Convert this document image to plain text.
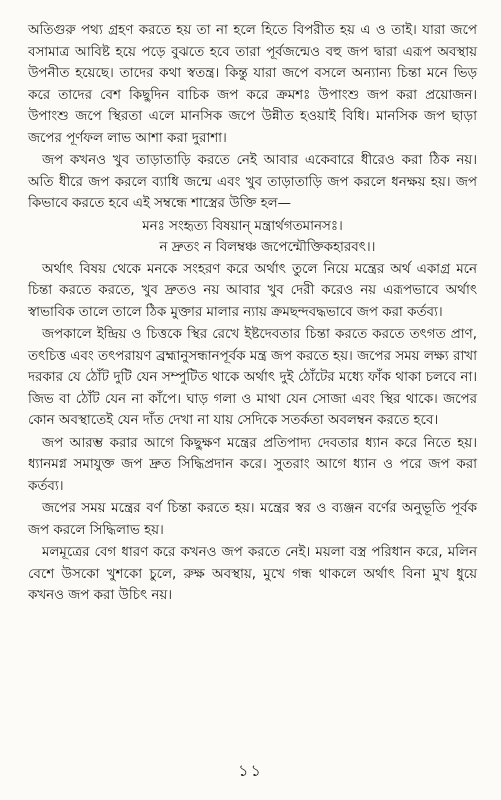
অতিগুরু পথ্য গ্রহণ করতে হয় তা না হলে হিতে বিপরীত হয় এ ও তাই। যারা জপে বসামাত্র আবিষ্ট হয়ে পড়ে বুঝতে হবে তারা পূর্বজন্মেও বহু জপ দ্বারা এরূপ অবস্থায় উপনীত হয়েছে। তাদের কথা স্বতন্ত্র। কিন্তু যারা জপে বসলে অন্যান্য চিন্তা মনে ভিড় করে তাদের বেশ কিছুদিন বাচিক জপ করে ক্রমশঃ উপাংশু জপ করা প্রয়োজন। উপাংশু জপে স্থিরতা এলে মানসিক জপে উন্নীত হওয়াই বিধি। মানসিক জপ ছাড়া জপের পূর্ণফল লাভ আশা করা দুরাশা।

জপ কখনও খুব তাড়াতাড়ি করতে নেই আবার একেবারে ধীরেও করা ঠিক নয়। অতি ধীরে জপ করলে ব্যাধি জন্মে এবং খুব তাড়াতাড়ি জপ করলে ধনক্ষয় হয়। জপ কিভাবে করতে হবে এই সম্বন্ধে শাস্ত্রের উক্তি হল—

মনঃ সংহৃত্য বিষয়ান্ মন্ত্রার্থগতমানসঃ।

ন দ্রুতং ন বিলম্বঞ্চ জপেন্মৌক্তিকহারবৎ।।

অর্থাৎ বিষয় থেকে মনকে সংহরণ করে অর্থাৎ তুলে নিয়ে মন্ত্রের অর্থ একাগ্র মনে চিন্তা করতে করতে, খুব দ্রুতও নয় আবার খুব দেরী করেও নয় এরূপভাবে অর্থাৎ স্বাভাবিক তালে তালে ঠিক মুক্তার মালার ন্যায় ক্রমছন্দবদ্ধভাবে জপ করা কর্তব্য।

জপকালে ইন্দ্রিয় ও চিত্তকে স্থির রেখে ইষ্টদেবতার চিন্তা করতে করতে তৎগত প্রাণ, তৎচিত্ত এবং তৎপরায়ণ ব্রহ্মানুসন্ধানপূর্বক মন্ত্র জপ করতে হয়। জপের সময় লক্ষ্য রাখা দরকার যে ঠোঁট দুটি যেন সম্পুটিত থাকে অর্থাৎ দুই ঠোঁটের মধ্যে ফাঁক থাকা চলবে না। জিভ বা ঠোঁট যেন না কাঁপে। ঘাড় গলা ও মাথা যেন সোজা এবং স্থির থাকে। জপের কোন অবস্থাতেই যেন দাঁত দেখা না যায় সেদিকে সতর্কতা অবলম্বন করতে হবে।

জপ আরম্ভ করার আগে কিছুক্ষণ মন্ত্রের প্রতিপাদ্য দেবতার ধ্যান করে নিতে হয়। ধ্যানমগ্ন সমাযুক্ত জপ দ্রুত সিদ্ধিপ্রদান করে। সুতরাং আগে ধ্যান ও পরে জপ করা কর্তব্য।

জপের সময় মন্ত্রের বর্ণ চিন্তা করতে হয়। মন্ত্রের স্বর ও ব্যঞ্জন বর্ণের অনুভূতি পূর্বক জপ করলে সিদ্ধিলাভ হয়।

মলমূত্রের বেগ ধারণ করে কখনও জপ করতে নেই। ময়লা বস্ত্র পরিধান করে, মলিন বেশে উসকো খুশকো চুলে, রুক্ষ অবস্থায়, মুখে গন্ধ থাকলে অর্থাৎ বিনা মুখ ধুয়ে কখনও জপ করা উচিৎ নয়।

১১
